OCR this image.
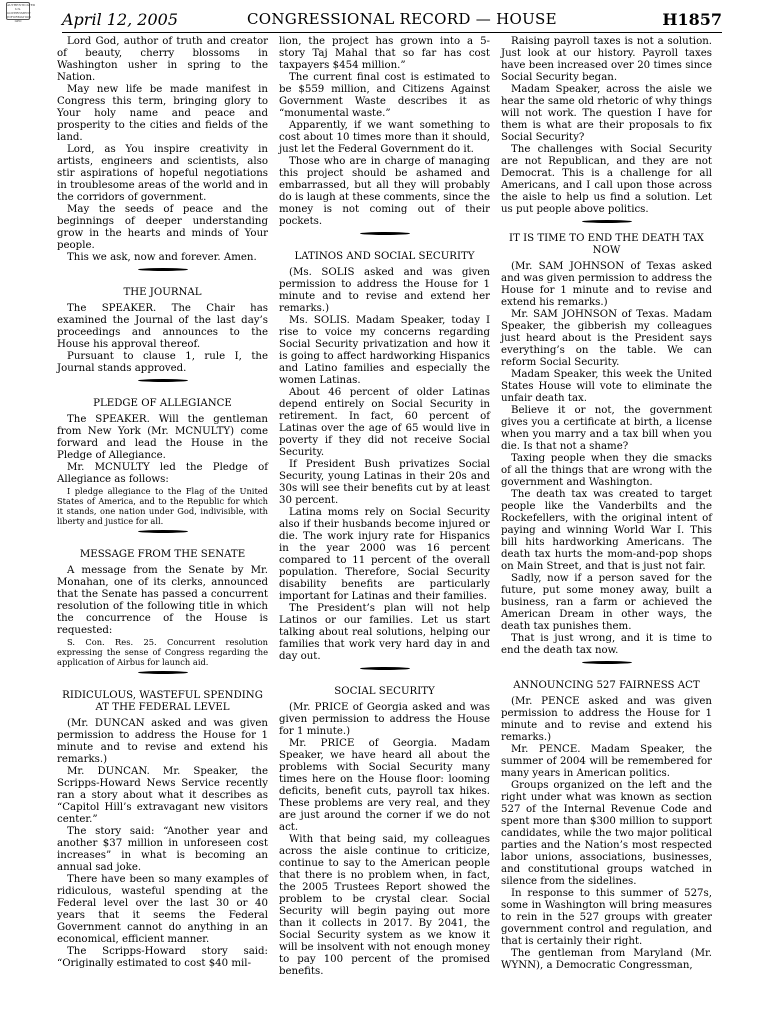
AUTHENTICATED U.S. GOVERNMENT INFORMATION GPO	April 12, 2005	CONGRESSIONAL RECORD — HOUSE	H1857

Lord God, author of truth and creator of beauty, cherry blossoms in Washington usher in spring to the Nation.

May new life be made manifest in Congress this term, bringing glory to Your holy name and peace and prosperity to the cities and fields of the land.

Lord, as You inspire creativity in artists, engineers and scientists, also stir aspirations of hopeful negotiations in troublesome areas of the world and in the corridors of government.

May the seeds of peace and the beginnings of deeper understanding grow in the hearts and minds of Your people.

This we ask, now and forever. Amen.

THE JOURNAL

The SPEAKER. The Chair has examined the Journal of the last day’s proceedings and announces to the House his approval thereof.

Pursuant to clause 1, rule I, the Journal stands approved.

PLEDGE OF ALLEGIANCE

The SPEAKER. Will the gentleman from New York (Mr. MCNULTY) come forward and lead the House in the Pledge of Allegiance.

Mr. MCNULTY led the Pledge of Allegiance as follows:

I pledge allegiance to the Flag of the United States of America, and to the Republic for which it stands, one nation under God, indivisible, with liberty and justice for all.

MESSAGE FROM THE SENATE

A message from the Senate by Mr. Monahan, one of its clerks, announced that the Senate has passed a concurrent resolution of the following title in which the concurrence of the House is requested:

S. Con. Res. 25. Concurrent resolution expressing the sense of Congress regarding the application of Airbus for launch aid.

RIDICULOUS, WASTEFUL SPENDING AT THE FEDERAL LEVEL

(Mr. DUNCAN asked and was given permission to address the House for 1 minute and to revise and extend his remarks.)

Mr. DUNCAN. Mr. Speaker, the Scripps-Howard News Service recently ran a story about what it describes as “Capitol Hill’s extravagant new visitors center.”

The story said: “Another year and another $37 million in unforeseen cost increases” in what is becoming an annual sad joke.

There have been so many examples of ridiculous, wasteful spending at the Federal level over the last 30 or 40 years that it seems the Federal Government cannot do anything in an economical, efficient manner.

The Scripps-Howard story said: “Originally estimated to cost $40 mil-

lion, the project has grown into a 5-story Taj Mahal that so far has cost taxpayers $454 million.”

The current final cost is estimated to be $559 million, and Citizens Against Government Waste describes it as “monumental waste.”

Apparently, if we want something to cost about 10 times more than it should, just let the Federal Government do it.

Those who are in charge of managing this project should be ashamed and embarrassed, but all they will probably do is laugh at these comments, since the money is not coming out of their pockets.

LATINOS AND SOCIAL SECURITY

(Ms. SOLIS asked and was given permission to address the House for 1 minute and to revise and extend her remarks.)

Ms. SOLIS. Madam Speaker, today I rise to voice my concerns regarding Social Security privatization and how it is going to affect hardworking Hispanics and Latino families and especially the women Latinas.

About 46 percent of older Latinas depend entirely on Social Security in retirement. In fact, 60 percent of Latinas over the age of 65 would live in poverty if they did not receive Social Security.

If President Bush privatizes Social Security, young Latinas in their 20s and 30s will see their benefits cut by at least 30 percent.

Latina moms rely on Social Security also if their husbands become injured or die. The work injury rate for Hispanics in the year 2000 was 16 percent compared to 11 percent of the overall population. Therefore, Social Security disability benefits are particularly important for Latinas and their families.

The President’s plan will not help Latinos or our families. Let us start talking about real solutions, helping our families that work very hard day in and day out.

SOCIAL SECURITY

(Mr. PRICE of Georgia asked and was given permission to address the House for 1 minute.)

Mr. PRICE of Georgia. Madam Speaker, we have heard all about the problems with Social Security many times here on the House floor: looming deficits, benefit cuts, payroll tax hikes. These problems are very real, and they are just around the corner if we do not act.

With that being said, my colleagues across the aisle continue to criticize, continue to say to the American people that there is no problem when, in fact, the 2005 Trustees Report showed the problem to be crystal clear. Social Security will begin paying out more than it collects in 2017. By 2041, the Social Security system as we know it will be insolvent with not enough money to pay 100 percent of the promised benefits.

Raising payroll taxes is not a solution. Just look at our history. Payroll taxes have been increased over 20 times since Social Security began.

Madam Speaker, across the aisle we hear the same old rhetoric of why things will not work. The question I have for them is what are their proposals to fix Social Security?

The challenges with Social Security are not Republican, and they are not Democrat. This is a challenge for all Americans, and I call upon those across the aisle to help us find a solution. Let us put people above politics.

IT IS TIME TO END THE DEATH TAX NOW

(Mr. SAM JOHNSON of Texas asked and was given permission to address the House for 1 minute and to revise and extend his remarks.)

Mr. SAM JOHNSON of Texas. Madam Speaker, the gibberish my colleagues just heard about is the President says everything’s on the table. We can reform Social Security.

Madam Speaker, this week the United States House will vote to eliminate the unfair death tax.

Believe it or not, the government gives you a certificate at birth, a license when you marry and a tax bill when you die. Is that not a shame?

Taxing people when they die smacks of all the things that are wrong with the government and Washington.

The death tax was created to target people like the Vanderbilts and the Rockefellers, with the original intent of paying and winning World War I. This bill hits hardworking Americans. The death tax hurts the mom-and-pop shops on Main Street, and that is just not fair.

Sadly, now if a person saved for the future, put some money away, built a business, ran a farm or achieved the American Dream in other ways, the death tax punishes them.

That is just wrong, and it is time to end the death tax now.

ANNOUNCING 527 FAIRNESS ACT

(Mr. PENCE asked and was given permission to address the House for 1 minute and to revise and extend his remarks.)

Mr. PENCE. Madam Speaker, the summer of 2004 will be remembered for many years in American politics.

Groups organized on the left and the right under what was known as section 527 of the Internal Revenue Code and spent more than $300 million to support candidates, while the two major political parties and the Nation’s most respected labor unions, associations, businesses, and constitutional groups watched in silence from the sidelines.

In response to this summer of 527s, some in Washington will bring measures to rein in the 527 groups with greater government control and regulation, and that is certainly their right.

The gentleman from Maryland (Mr. WYNN), a Democratic Congressman,
